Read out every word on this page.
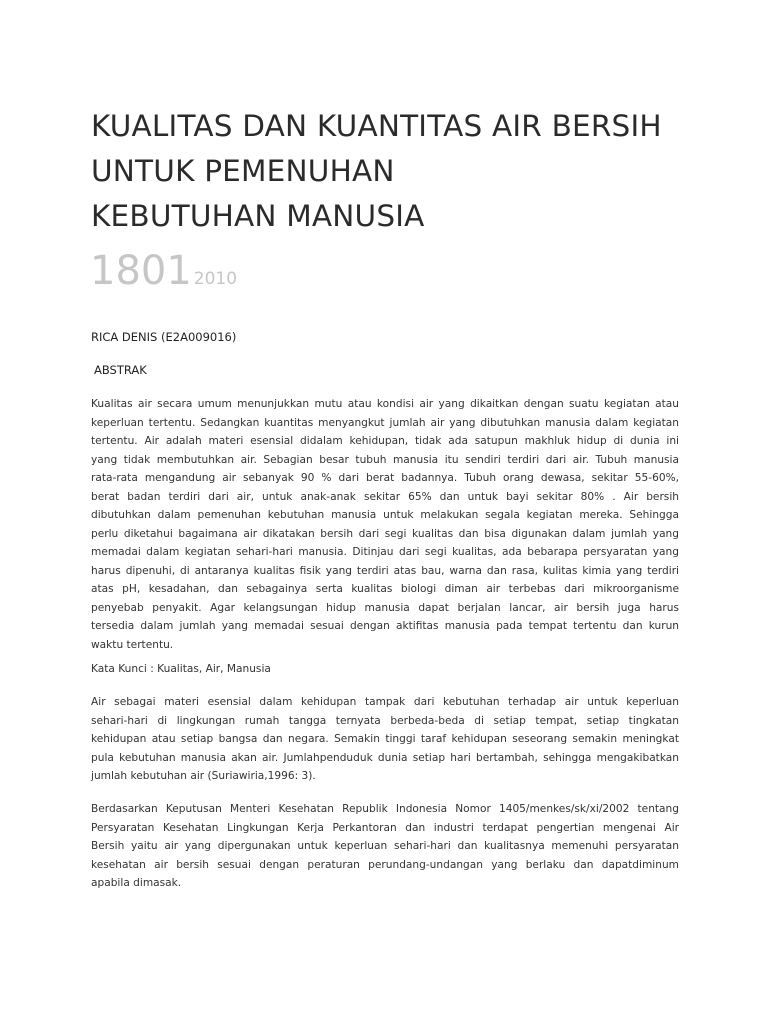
KUALITAS DAN KUANTITAS AIR BERSIH
UNTUK PEMENUHAN
KEBUTUHAN MANUSIA
1801 2010

RICA DENIS (E2A009016)

ABSTRAK

Kualitas air secara umum menunjukkan mutu atau kondisi air yang dikaitkan dengan suatu kegiatan atau
keperluan tertentu. Sedangkan kuantitas menyangkut jumlah air yang dibutuhkan manusia dalam kegiatan
tertentu. Air adalah materi esensial didalam kehidupan, tidak ada satupun makhluk hidup di dunia ini
yang tidak membutuhkan air. Sebagian besar tubuh manusia itu sendiri terdiri dari air. Tubuh manusia
rata-rata mengandung air sebanyak 90 % dari berat badannya. Tubuh orang dewasa, sekitar 55-60%,
berat badan terdiri dari air, untuk anak-anak sekitar 65% dan untuk bayi sekitar 80% . Air bersih
dibutuhkan dalam pemenuhan kebutuhan manusia untuk melakukan segala kegiatan mereka. Sehingga
perlu diketahui bagaimana air dikatakan bersih dari segi kualitas dan bisa digunakan dalam jumlah yang
memadai dalam kegiatan sehari-hari manusia. Ditinjau dari segi kualitas, ada bebarapa persyaratan yang
harus dipenuhi, di antaranya kualitas fisik yang terdiri atas bau, warna dan rasa, kulitas kimia yang terdiri
atas pH, kesadahan, dan sebagainya serta kualitas biologi diman air terbebas dari mikroorganisme
penyebab penyakit. Agar kelangsungan hidup manusia dapat berjalan lancar, air bersih juga harus
tersedia dalam jumlah yang memadai sesuai dengan aktifitas manusia pada tempat tertentu dan kurun
waktu tertentu.

Kata Kunci : Kualitas, Air, Manusia

Air sebagai materi esensial dalam kehidupan tampak dari kebutuhan terhadap air untuk keperluan
sehari-hari di lingkungan rumah tangga ternyata berbeda-beda di setiap tempat, setiap tingkatan
kehidupan atau setiap bangsa dan negara. Semakin tinggi taraf kehidupan seseorang semakin meningkat
pula kebutuhan manusia akan air. Jumlahpenduduk dunia setiap hari bertambah, sehingga mengakibatkan
jumlah kebutuhan air (Suriawiria,1996: 3).

Berdasarkan Keputusan Menteri Kesehatan Republik Indonesia Nomor 1405/menkes/sk/xi/2002 tentang
Persyaratan Kesehatan Lingkungan Kerja Perkantoran dan industri terdapat pengertian mengenai Air
Bersih yaitu air yang dipergunakan untuk keperluan sehari-hari dan kualitasnya memenuhi persyaratan
kesehatan air bersih sesuai dengan peraturan perundang-undangan yang berlaku dan dapatdiminum
apabila dimasak.
